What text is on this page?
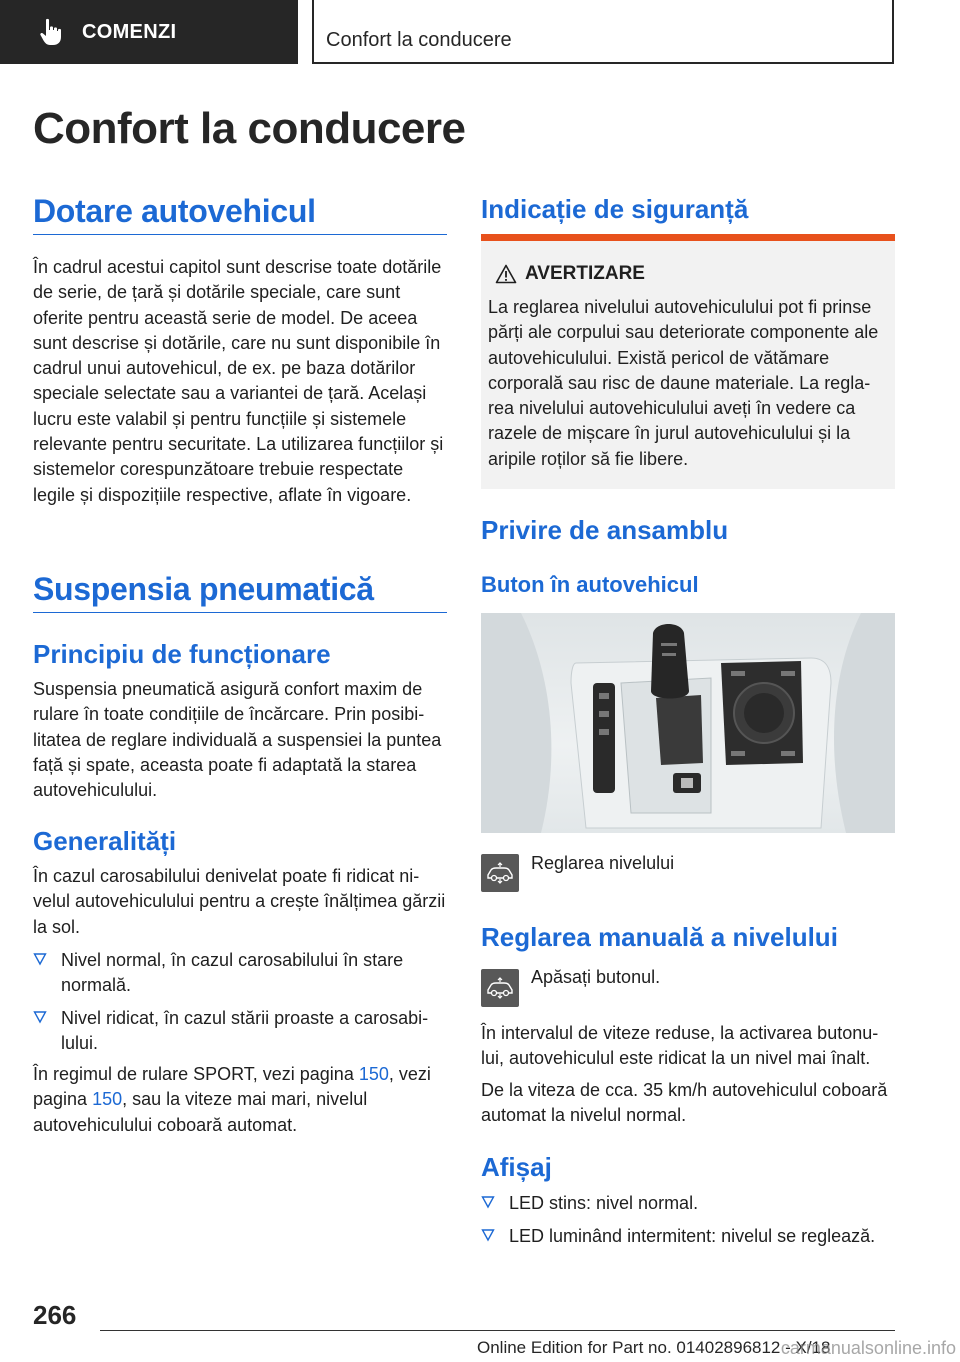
COMENZI	Confort la conducere
Confort la conducere
Dotare autovehicul

În cadrul acestui capitol sunt descrise toate dotările de serie, de țară și dotările speciale, care sunt oferite pentru această serie de model. De aceea sunt descrise și dotările, care nu sunt disponibile în cadrul unui autovehicul, de ex. pe baza dotărilor speciale selectate sau a variantei de țară. Același lucru este valabil și pentru funcțiile și sistemele relevante pentru securitate. La utilizarea funcțiilor și sistemelor corespunzătoare trebuie respectate legile și dispozițiile respective, aflate în vigoare.

Suspensia pneumatică
Principiu de funcționare

Suspensia pneumatică asigură confort maxim de rulare în toate condițiile de încărcare. Prin posibilitatea de reglare individuală a suspensiei la puntea față și spate, aceasta poate fi adaptată la starea autovehiculului.

Generalități

În cazul carosabilului denivelat poate fi ridicat nivelul autovehiculului pentru a crește înălțimea gărzii la sol.

Nivel normal, în cazul carosabilului în stare normală.
Nivel ridicat, în cazul stării proaste a carosabilului.

În regimul de rulare SPORT, vezi pagina 150, vezi pagina 150, sau la viteze mai mari, nivelul autovehiculului coboară automat.

Indicație de siguranță
AVERTIZARE
La reglarea nivelului autovehiculului pot fi prinse părți ale corpului sau deteriorate componente ale autovehiculului. Există pericol de vătămare corporală sau risc de daune materiale. La reglarea nivelului autovehiculului aveți în vedere ca razele de mișcare în jurul autovehiculului și la aripile roților să fie libere.
Privire de ansamblu
Buton în autovehicul
Reglarea nivelului
Reglarea manuală a nivelului
Apăsați butonul.

În intervalul de viteze reduse, la activarea butonului, autovehiculul este ridicat la un nivel mai înalt.

De la viteza de cca. 35 km/h autovehiculul coboară automat la nivelul normal.

Afișaj
LED stins: nivel normal.
LED luminând intermitent: nivelul se reglează.
266
Online Edition for Part no. 01402896812 - X/18
carmanualsonline.info
